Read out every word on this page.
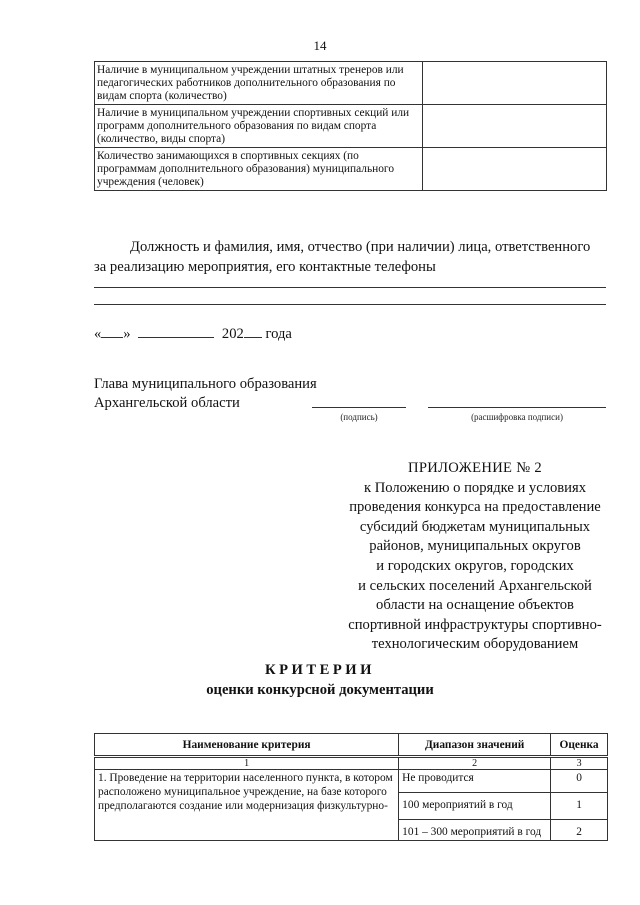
14
Наличие в муниципальном учреждении штатных тренеров или педагогических работников дополнительного образования по видам спорта (количество)	
Наличие в муниципальном учреждении спортивных секций или программ дополнительного образования по видам спорта (количество, виды спорта)	
Количество занимающихся в спортивных секциях (по программам дополнительного образования) муниципального учреждения (человек)	
Должность и фамилия, имя, отчество (при наличии) лица, ответственного
за реализацию мероприятия, его контактные телефоны
« »	202 года
Глава муниципального образования
Архангельской области
(подпись)	(расшифровка подписи)
ПРИЛОЖЕНИЕ № 2
к Положению о порядке и условиях
проведения конкурса на предоставление
субсидий бюджетам муниципальных
районов, муниципальных округов
и городских округов, городских
и сельских поселений Архангельской
области на оснащение объектов
спортивной инфраструктуры спортивно-
технологическим оборудованием
КРИТЕРИИ
оценки конкурсной документации
Наименование критерия	Диапазон значений	Оценка
1	2	3
1. Проведение на территории населенного пункта, в котором расположено муниципальное учреждение, на базе которого предполагаются создание или модернизация физкультурно-	Не проводится	0
	100 мероприятий в год	1
	101 – 300 мероприятий в год	2
